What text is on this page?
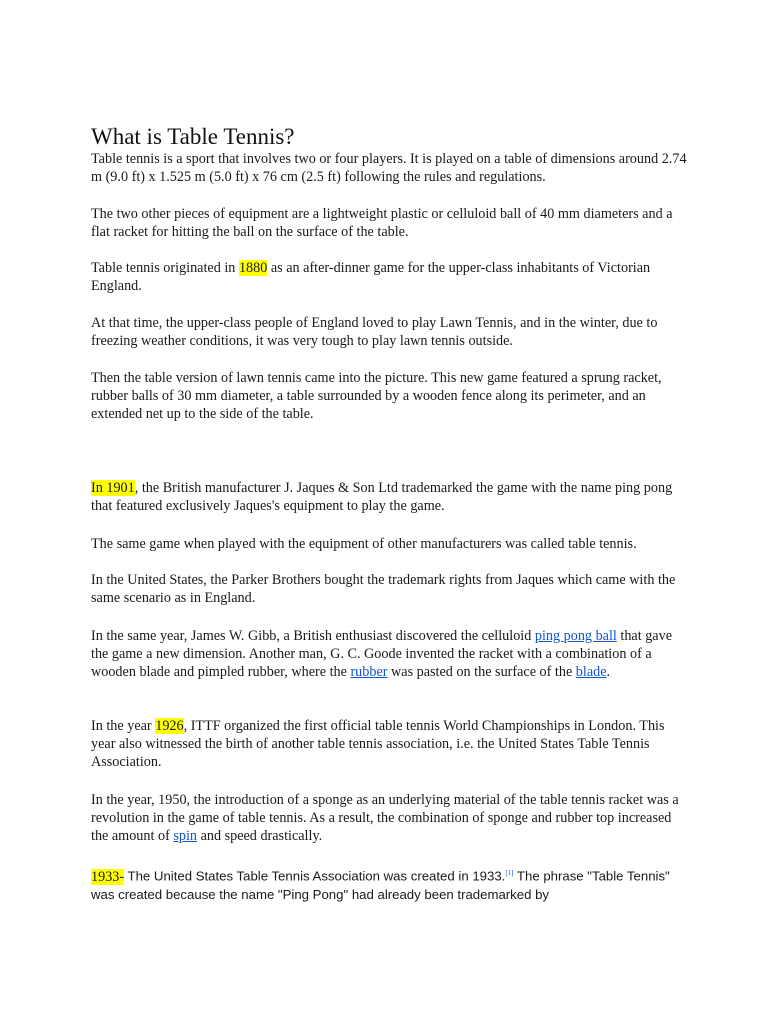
What is Table Tennis?

Table tennis is a sport that involves two or four players. It is played on a table of dimensions around 2.74 m (9.0 ft) x 1.525 m (5.0 ft) x 76 cm (2.5 ft) following the rules and regulations.

The two other pieces of equipment are a lightweight plastic or celluloid ball of 40 mm diameters and a flat racket for hitting the ball on the surface of the table.

Table tennis originated in 1880 as an after-dinner game for the upper-class inhabitants of Victorian England.

At that time, the upper-class people of England loved to play Lawn Tennis, and in the winter, due to freezing weather conditions, it was very tough to play lawn tennis outside.

Then the table version of lawn tennis came into the picture. This new game featured a sprung racket, rubber balls of 30 mm diameter, a table surrounded by a wooden fence along its perimeter, and an extended net up to the side of the table.

In 1901, the British manufacturer J. Jaques & Son Ltd trademarked the game with the name ping pong that featured exclusively Jaques's equipment to play the game.

The same game when played with the equipment of other manufacturers was called table tennis.

In the United States, the Parker Brothers bought the trademark rights from Jaques which came with the same scenario as in England.

In the same year, James W. Gibb, a British enthusiast discovered the celluloid ping pong ball that gave the game a new dimension. Another man, G. C. Goode invented the racket with a combination of a wooden blade and pimpled rubber, where the rubber was pasted on the surface of the blade.

In the year 1926, ITTF organized the first official table tennis World Championships in London. This year also witnessed the birth of another table tennis association, i.e. the United States Table Tennis Association.

In the year, 1950, the introduction of a sponge as an underlying material of the table tennis racket was a revolution in the game of table tennis. As a result, the combination of sponge and rubber top increased the amount of spin and speed drastically.

1933- The United States Table Tennis Association was created in 1933.[1] The phrase "Table Tennis" was created because the name "Ping Pong" had already been trademarked by
